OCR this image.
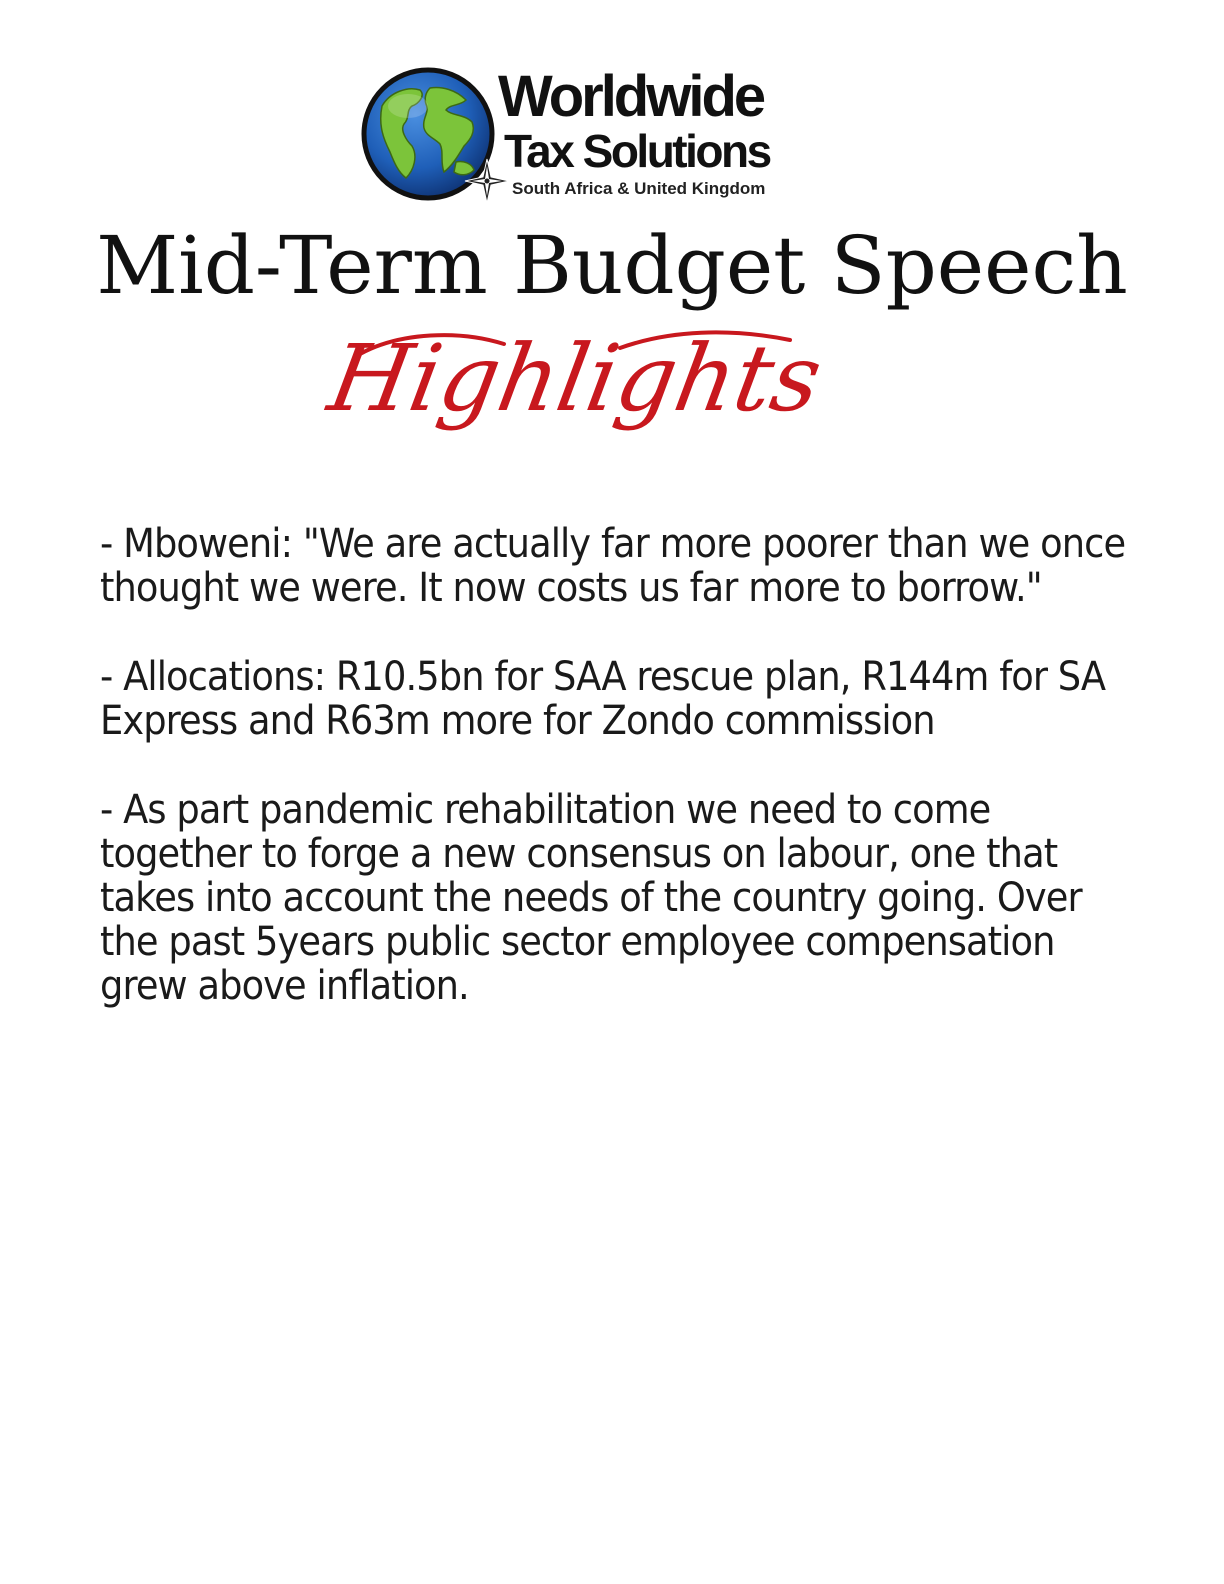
Worldwide
Tax Solutions
South Africa & United Kingdom
Mid-Term Budget Speech
Highlights

- Mboweni: "We are actually far more poorer than we once thought we were. It now costs us far more to borrow."

- Allocations: R10.5bn for SAA rescue plan, R144m for SA Express and R63m more for Zondo commission

- As part pandemic rehabilitation we need to come together to forge a new consensus on labour, one that takes into account the needs of the country going. Over the past 5years public sector employee compensation grew above inflation.
